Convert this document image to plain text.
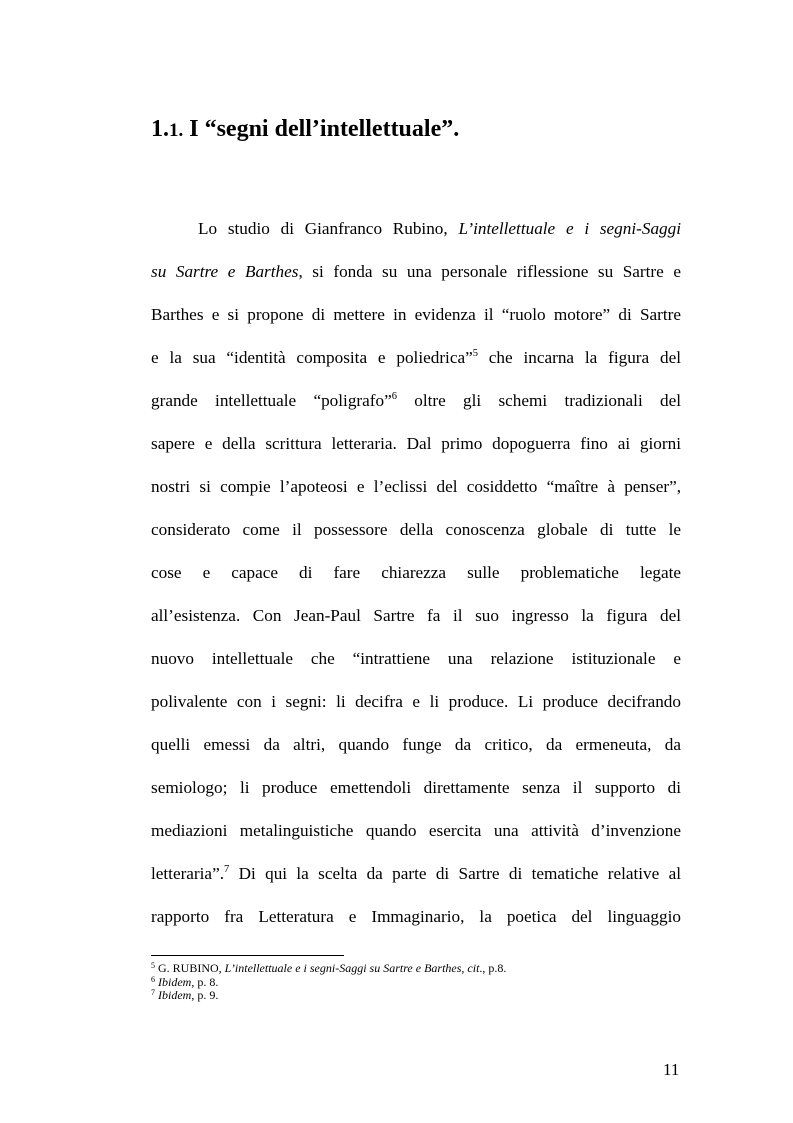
1.1. I “segni dell’intellettuale”.
Lo studio di Gianfranco Rubino, L’intellettuale e i segni-Saggi
su Sartre e Barthes, si fonda su una personale riflessione su Sartre e
Barthes e si propone di mettere in evidenza il “ruolo motore” di Sartre
e la sua “identità composita e poliedrica”$^5$ che incarna la figura del
grande intellettuale “poligrafo”$^6$ oltre gli schemi tradizionali del
sapere e della scrittura letteraria. Dal primo dopoguerra fino ai giorni
nostri si compie l’apoteosi e l’eclissi del cosiddetto “maître à penser”,
considerato come il possessore della conoscenza globale di tutte le
cose e capace di fare chiarezza sulle problematiche legate
all’esistenza. Con Jean-Paul Sartre fa il suo ingresso la figura del
nuovo intellettuale che “intrattiene una relazione istituzionale e
polivalente con i segni: li decifra e li produce. Li produce decifrando
quelli emessi da altri, quando funge da critico, da ermeneuta, da
semiologo; li produce emettendoli direttamente senza il supporto di
mediazioni metalinguistiche quando esercita una attività d’invenzione
letteraria”.$^7$ Di qui la scelta da parte di Sartre di tematiche relative al
rapporto fra Letteratura e Immaginario, la poetica del linguaggio
$^5$ G. RUBINO, L’intellettuale e i segni-Saggi su Sartre e Barthes, cit., p.8.
$^6$ Ibidem, p. 8.
$^7$ Ibidem, p. 9.
11
